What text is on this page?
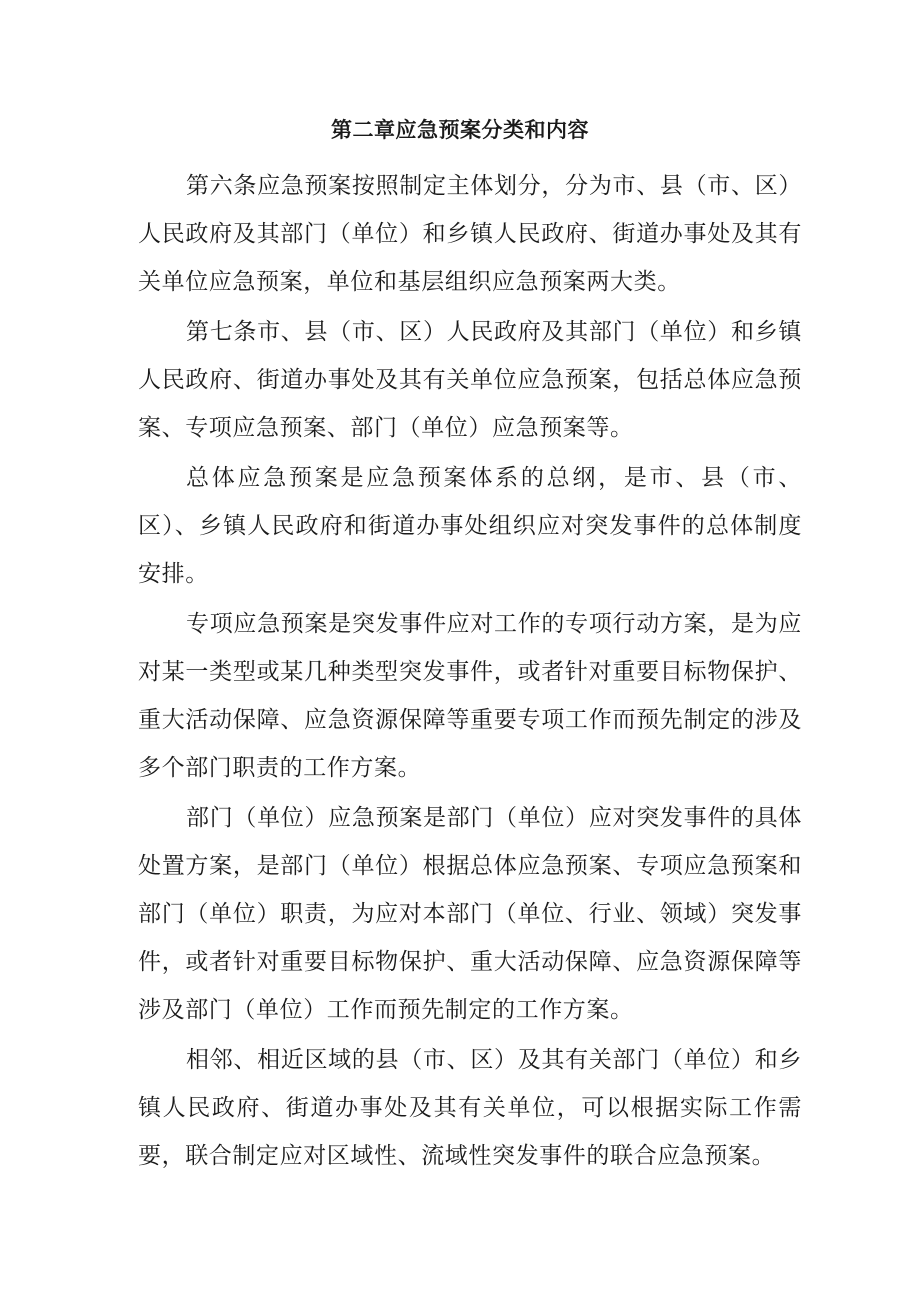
第二章应急预案分类和内容

第六条应急预案按照制定主体划分，分为市、县（市、区）人民政府及其部门（单位）和乡镇人民政府、街道办事处及其有关单位应急预案，单位和基层组织应急预案两大类。

第七条市、县（市、区）人民政府及其部门（单位）和乡镇人民政府、街道办事处及其有关单位应急预案，包括总体应急预案、专项应急预案、部门（单位）应急预案等。

总体应急预案是应急预案体系的总纲，是市、县（市、区）、乡镇人民政府和街道办事处组织应对突发事件的总体制度安排。

专项应急预案是突发事件应对工作的专项行动方案，是为应对某一类型或某几种类型突发事件，或者针对重要目标物保护、重大活动保障、应急资源保障等重要专项工作而预先制定的涉及多个部门职责的工作方案。

部门（单位）应急预案是部门（单位）应对突发事件的具体处置方案，是部门（单位）根据总体应急预案、专项应急预案和部门（单位）职责，为应对本部门（单位、行业、领域）突发事件，或者针对重要目标物保护、重大活动保障、应急资源保障等涉及部门（单位）工作而预先制定的工作方案。

相邻、相近区域的县（市、区）及其有关部门（单位）和乡镇人民政府、街道办事处及其有关单位，可以根据实际工作需要，联合制定应对区域性、流域性突发事件的联合应急预案。
